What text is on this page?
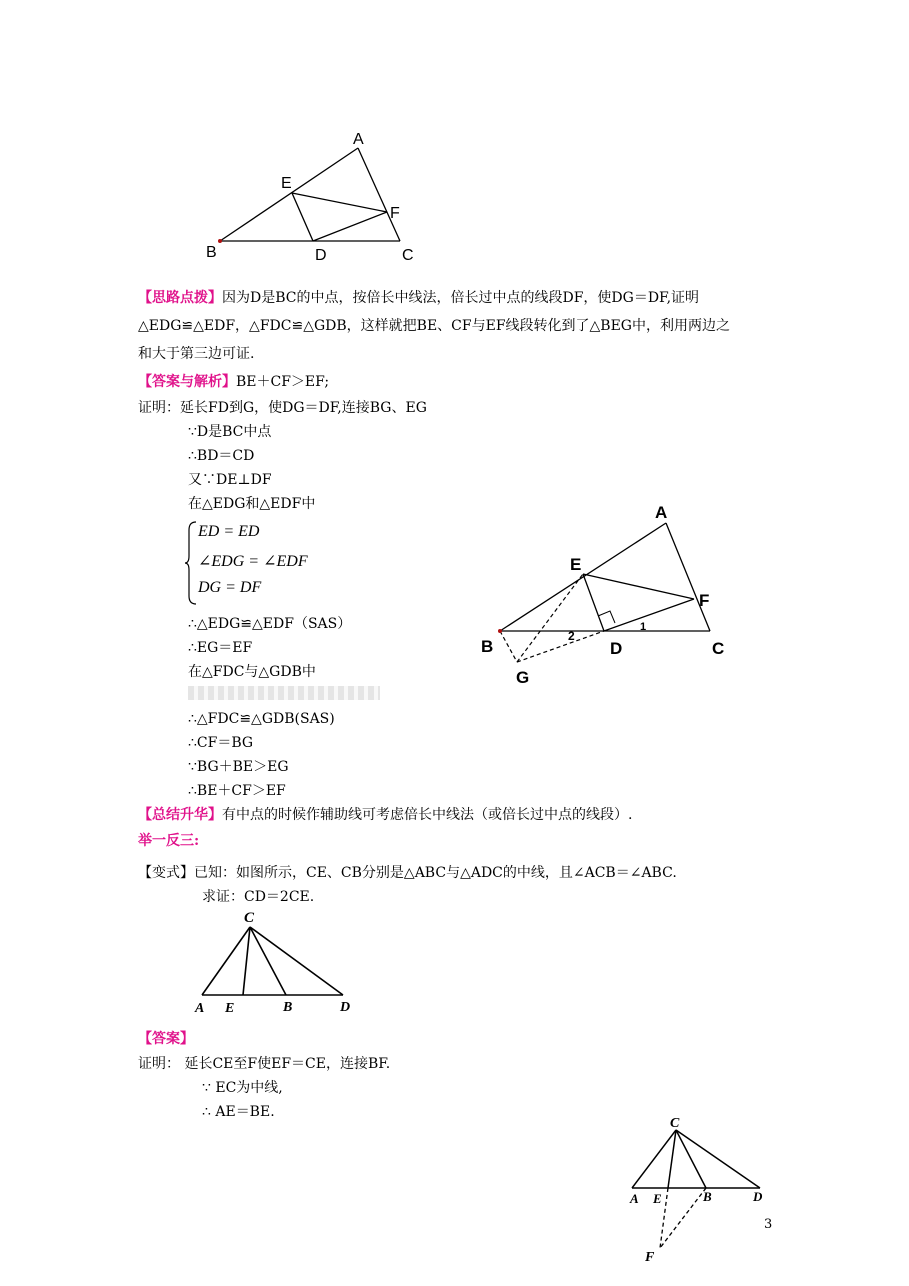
A
E
F
B	D	C
【思路点拨】因为D是BC的中点，按倍长中线法，倍长过中点的线段DF，使DG＝DF,证明
△EDG≌△EDF，△FDC≌△GDB，这样就把BE、CF与EF线段转化到了△BEG中，利用两边之
和大于第三边可证.
【答案与解析】BE＋CF＞EF;
证明：延长FD到G，使DG＝DF,连接BG、EG
∵D是BC中点
∴BD＝CD
又∵DE⊥DF
在△EDG和△EDF中
ED = ED
∠EDG = ∠EDF
DG = DF
∴△EDG≌△EDF（SAS）
∴EG＝EF
在△FDC与△GDB中
∴△FDC≌△GDB(SAS)
∴CF＝BG
∵BG＋BE＞EG
∴BE＋CF＞EF
A
E
F
B	D	C
G
1
2
【总结升华】有中点的时候作辅助线可考虑倍长中线法（或倍长过中点的线段）.
举一反三:
【变式】已知：如图所示，CE、CB分别是△ABC与△ADC的中线，且∠ACB＝∠ABC.
求证：CD＝2CE.
C
A E	B	D
【答案】
证明： 延长CE至F使EF＝CE，连接BF.
∵ EC为中线,
∴ AE＝BE.
C
A E	B	D
F
3
